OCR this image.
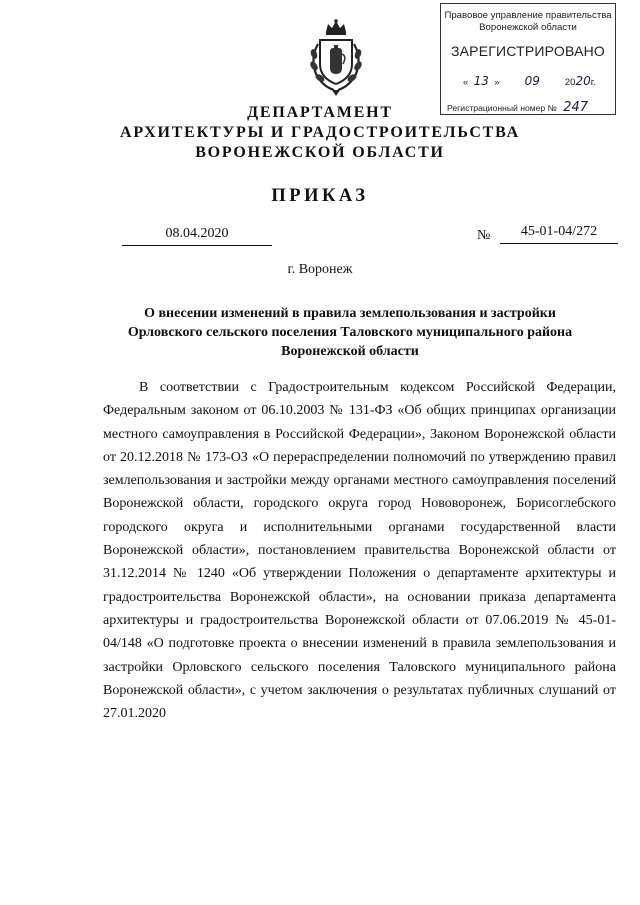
Правовое управление правительства
Воронежской области
ЗАРЕГИСТРИРОВАНО
« 13 » 09	2020г.
Регистрационный номер № 247
ДЕПАРТАМЕНТ
АРХИТЕКТУРЫ И ГРАДОСТРОИТЕЛЬСТВА
ВОРОНЕЖСКОЙ ОБЛАСТИ
ПРИКАЗ
08.04.2020	№	45-01-04/272
г. Воронеж
О внесении изменений в правила землепользования и застройки
Орловского сельского поселения Таловского муниципального района
Воронежской области

В соответствии с Градостроительным кодексом Российской Федерации, Федеральным законом от 06.10.2003 № 131-ФЗ «Об общих принципах организации местного самоуправления в Российской Федерации», Законом Воронежской области от 20.12.2018 № 173-ОЗ «О перераспределении полномочий по утверждению правил землепользования и застройки между органами местного самоуправления поселений Воронежской области, городского округа город Нововоронеж, Борисоглебского городского округа и исполнительными органами государственной власти Воронежской области», постановлением правительства Воронежской области от 31.12.2014 № 1240 «Об утверждении Положения о департаменте архитектуры и градостроительства Воронежской области», на основании приказа департамента архитектуры и градостроительства Воронежской области от 07.06.2019 № 45-01-04/148 «О подготовке проекта о внесении изменений в правила землепользования и застройки Орловского сельского поселения Таловского муниципального района Воронежской области», с учетом заключения о результатах публичных слушаний от 27.01.2020
